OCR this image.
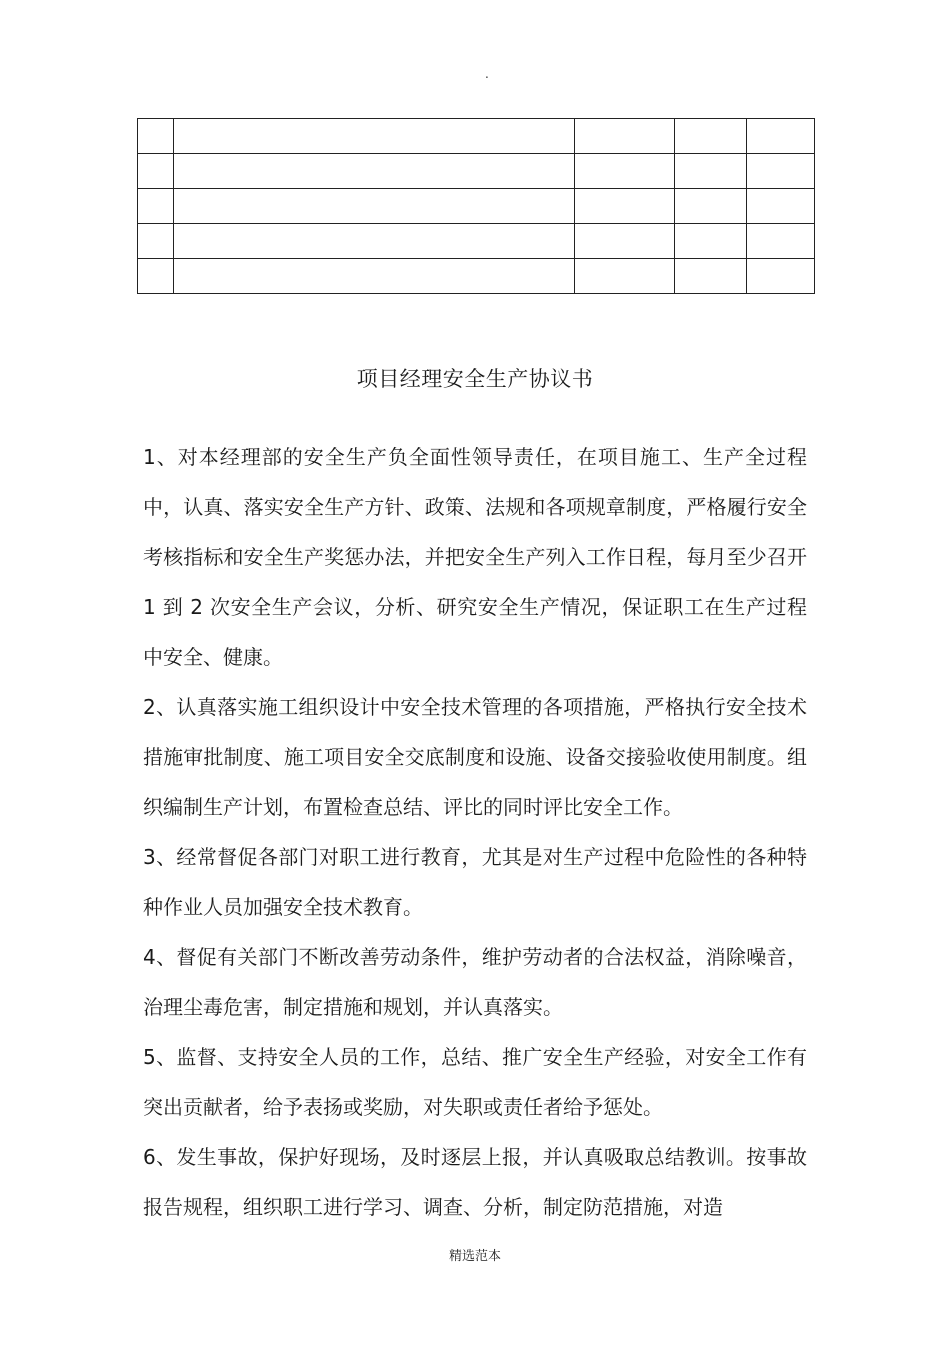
.

项目经理安全生产协议书

1、对本经理部的安全生产负全面性领导责任，在项目施工、生产全过程中，认真、落实安全生产方针、政策、法规和各项规章制度，严格履行安全考核指标和安全生产奖惩办法，并把安全生产列入工作日程，每月至少召开 1 到 2 次安全生产会议，分析、研究安全生产情况，保证职工在生产过程中安全、健康。

2、认真落实施工组织设计中安全技术管理的各项措施，严格执行安全技术措施审批制度、施工项目安全交底制度和设施、设备交接验收使用制度。组织编制生产计划，布置检查总结、评比的同时评比安全工作。

3、经常督促各部门对职工进行教育，尤其是对生产过程中危险性的各种特种作业人员加强安全技术教育。

4、督促有关部门不断改善劳动条件，维护劳动者的合法权益，消除噪音，治理尘毒危害，制定措施和规划，并认真落实。

5、监督、支持安全人员的工作，总结、推广安全生产经验，对安全工作有突出贡献者，给予表扬或奖励，对失职或责任者给予惩处。

6、发生事故，保护好现场，及时逐层上报，并认真吸取总结教训。按事故报告规程，组织职工进行学习、调查、分析，制定防范措施，对造

精选范本
